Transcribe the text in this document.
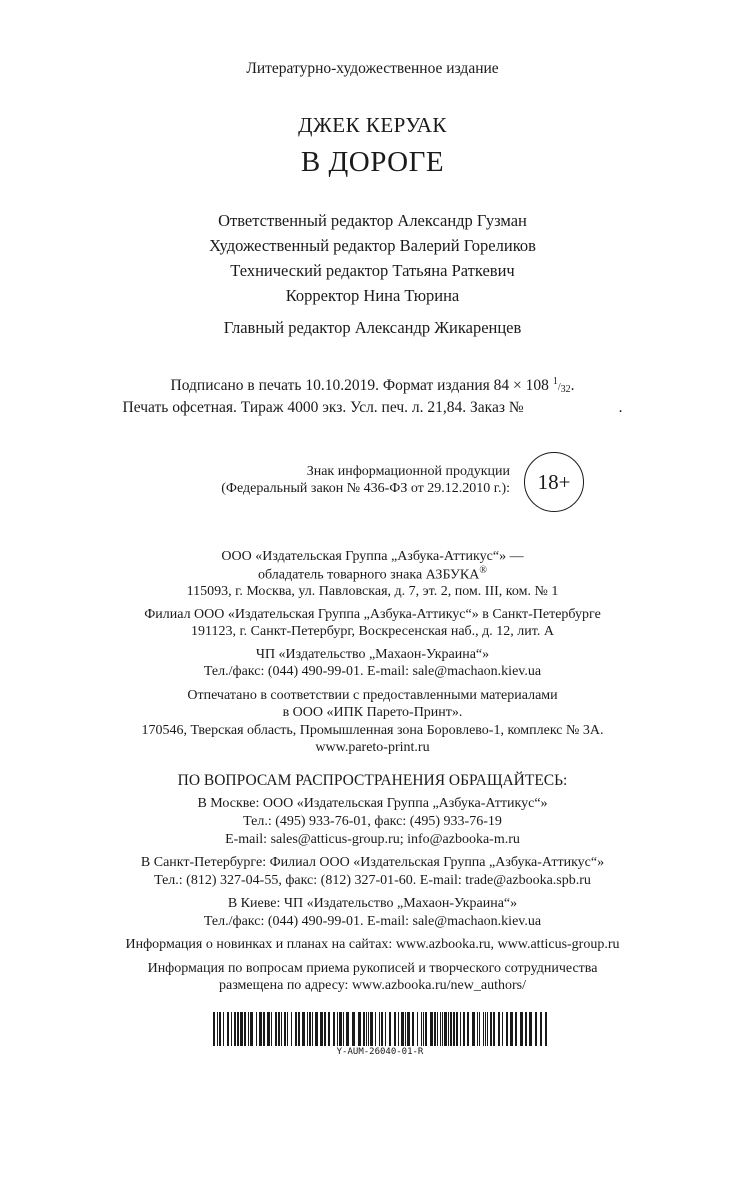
Литературно-художественное издание
ДЖЕК КЕРУАК
В ДОРОГЕ
Ответственный редактор Александр Гузман
Художественный редактор Валерий Гореликов
Технический редактор Татьяна Раткевич
Корректор Нина Тюрина
Главный редактор Александр Жикаренцев
Подписано в печать 10.10.2019. Формат издания 84 × 108 1/32.
Печать офсетная. Тираж 4000 экз. Усл. печ. л. 21,84. Заказ №	.
Знак информационной продукции
(Федеральный закон № 436-ФЗ от 29.12.2010 г.): 18+
ООО «Издательская Группа „Азбука-Аттикус“» —
обладатель товарного знака АЗБУКА®
115093, г. Москва, ул. Павловская, д. 7, эт. 2, пом. III, ком. № 1
Филиал ООО «Издательская Группа „Азбука-Аттикус“» в Санкт-Петербурге
191123, г. Санкт-Петербург, Воскресенская наб., д. 12, лит. А
ЧП «Издательство „Махаон-Украина“»
Тел./факс: (044) 490-99-01. E-mail: sale@machaon.kiev.ua
Отпечатано в соответствии с предоставленными материалами
в ООО «ИПК Парето-Принт».
170546, Тверская область, Промышленная зона Боровлево-1, комплекс № 3А.
www.pareto-print.ru
ПО ВОПРОСАМ РАСПРОСТРАНЕНИЯ ОБРАЩАЙТЕСЬ:
В Москве: ООО «Издательская Группа „Азбука-Аттикус“»
Тел.: (495) 933-76-01, факс: (495) 933-76-19
E-mail: sales@atticus-group.ru; info@azbooka-m.ru
В Санкт-Петербурге: Филиал ООО «Издательская Группа „Азбука-Аттикус“»
Тел.: (812) 327-04-55, факс: (812) 327-01-60. E-mail: trade@azbooka.spb.ru
В Киеве: ЧП «Издательство „Махаон-Украина“»
Тел./факс: (044) 490-99-01. E-mail: sale@machaon.kiev.ua
Информация о новинках и планах на сайтах: www.azbooka.ru, www.atticus-group.ru
Информация по вопросам приема рукописей и творческого сотрудничества
размещена по адресу: www.azbooka.ru/new_authors/
Y-AUM-26040-01-R
